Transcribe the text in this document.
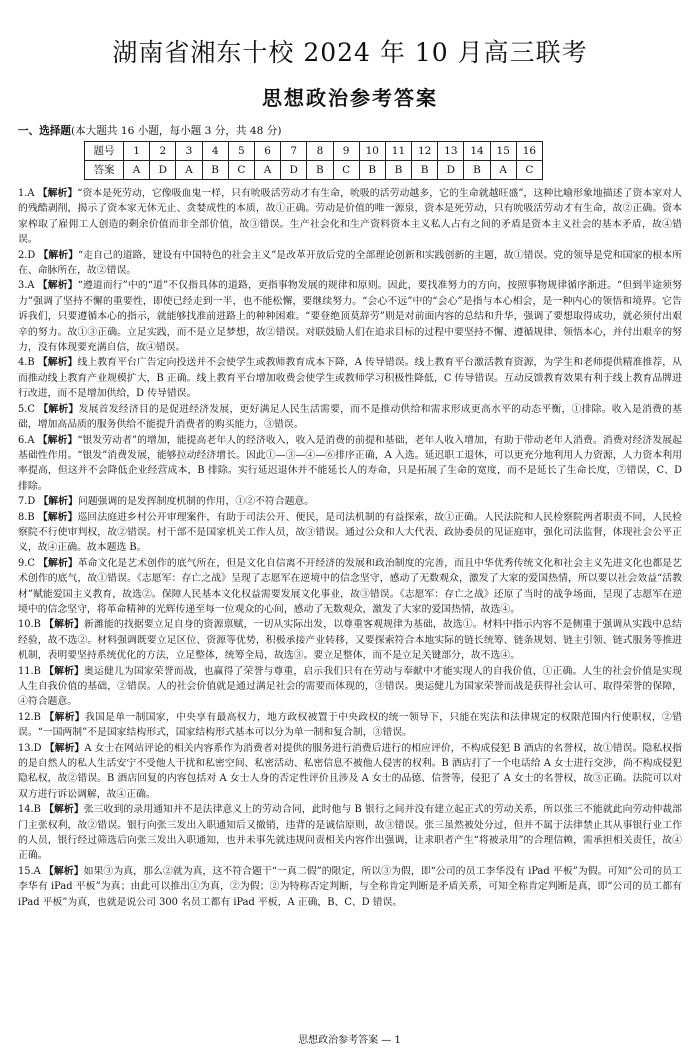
湖南省湘东十校 2024 年 10 月高三联考
思想政治参考答案
一、选择题(本大题共 16 小题，每小题 3 分，共 48 分)
题号	1	2	3	4	5	6	7	8	9	10	11	12	13	14	15	16
答案	A	D	A	B	C	A	D	B	C	B	B	B	D	B	A	C

1.A 【解析】“资本是死劳动，它像吸血鬼一样，只有吮吸活劳动才有生命，吮吸的活劳动越多，它的生命就越旺盛”，这种比喻形象地描述了资本家对人的残酷剥削，揭示了资本家无休无止、贪婪成性的本质，故①正确。劳动是价值的唯一源泉，资本是死劳动，只有吮吸活劳动才有生命，故②正确。资本家榨取了雇佣工人创造的剩余价值而非全部价值，故③错误。生产社会化和生产资料资本主义私人占有之间的矛盾是资本主义社会的基本矛盾，故④错误。

2.D 【解析】“走自己的道路，建设有中国特色的社会主义”是改革开放后党的全部理论创新和实践创新的主题，故①错误。党的领导是党和国家的根本所在、命脉所在，故②错误。

3.A 【解析】“遵道而行”中的“道”不仅指具体的道路，更指事物发展的规律和原则。因此，要找准努力的方向，按照事物规律循序渐进。“但到半途须努力”强调了坚持不懈的重要性，即使已经走到一半，也不能松懈，要继续努力。“会心不远”中的“会心”是指与本心相会，是一种内心的领悟和境界。它告诉我们，只要遵循本心的指示，就能够找准前进路上的种种困难。“要登绝顶莫辞劳”则是对前面内容的总结和升华，强调了要想取得成功，就必须付出艰辛的努力。故①③正确。立足实践，而不是立足梦想，故②错误。对联鼓励人们在追求目标的过程中要坚持不懈、遵循规律、领悟本心，并付出艰辛的努力，没有体现要充满自信，故④错误。

4.B 【解析】线上教育平台广告定向投送并不会使学生或教师教育成本下降，A 传导错误。线上教育平台激活教育资源，为学生和老师提供精准推荐，从而推动线上教育产业规模扩大，B 正确。线上教育平台增加收费会使学生或教师学习积极性降低，C 传导错误。互动反馈教育效果有利于线上教育品牌进行改进，而不是增加供给，D 传导错误。

5.C 【解析】发展首发经济目的是促进经济发展，更好满足人民生活需要，而不是推动供给和需求形成更高水平的动态平衡，①排除。收入是消费的基础，增加高品质的服务供给不能提升消费者的购买能力，③错误。

6.A 【解析】“银发劳动者”的增加，能提高老年人的经济收入，收入是消费的前提和基础，老年人收入增加，有助于带动老年人消费。消费对经济发展起基础性作用。“银发”消费发展，能够拉动经济增长。因此①—③—④—⑥排序正确，A 入选。延迟职工退休，可以更充分地利用人力资源，人力资本利用率提高，但这并不会降低企业经营成本，B 排除。实行延迟退休并不能延长人的寿命，只是拓展了生命的宽度，而不是延长了生命长度，⑦错误，C、D 排除。

7.D 【解析】问题强调的是发挥制度机制的作用，①②不符合题意。

8.B 【解析】巡回法庭进乡村公开审理案件，有助于司法公开、便民，是司法机制的有益探索，故①正确。人民法院和人民检察院两者职责不同，人民检察院不行使审判权，故②错误。村干部不是国家机关工作人员，故③错误。通过公众和人大代表、政协委员的见证庭审，强化司法监督，体现社会公平正义，故④正确。故本题选 B。

9.C 【解析】革命文化是艺术创作的底气所在，但是文化自信离不开经济的发展和政治制度的完善，而且中华优秀传统文化和社会主义先进文化也都是艺术创作的底气，故①错误。《志愿军：存亡之战》呈现了志愿军在逆境中的信念坚守，感动了无数观众，激发了大家的爱国热情，所以要以社会效益“活教材”赋能爱国主义教育，故选②。保障人民基本文化权益需要发展文化事业，故③错误。《志愿军：存亡之战》还原了当时的战争场面，呈现了志愿军在逆境中的信念坚守，将革命精神的光辉传递至每一位观众的心间，感动了无数观众，激发了大家的爱国热情，故选④。

10.B 【解析】新潍能的找据要立足自身的资源禀赋，一切从实际出发，以尊重客观规律为基础，故选①。材料中指示内容不是侧重于强调从实践中总结经验，故不选②。材料强调既要立足区位、资源等优势，积极承接产业转移，又要探索符合本地实际的链长统筹、链条规划、链主引领、链式服务等推进机制，表明要坚持系统优化的方法，立足整体，统筹全局，故选③。要立足整体，而不是立足关键部分，故不选④。

11.B 【解析】奥运健儿为国家荣誉而战，也赢得了荣誉与尊重，启示我们只有在劳动与奉献中才能实现人的自我价值，①正确。人生的社会价值是实现人生自我价值的基础，②错误。人的社会价值就是通过满足社会的需要而体现的，③错误。奥运健儿为国家荣誉而战是获得社会认可、取得荣誉的保障，④符合题意。

12.B 【解析】我国是单一制国家，中央享有最高权力，地方政权被置于中央政权的统一领导下，只能在宪法和法律规定的权限范围内行使职权，②错误。“一国两制”不是国家结构形式，国家结构形式基本可以分为单一制和复合制，③错误。

13.D 【解析】A 女士在网站评论的相关内容系作为消费者对提供的服务进行消费后进行的相应评价，不构成侵犯 B 酒店的名誉权，故①错误。隐私权指的是自然人的私人生活安宁不受他人干扰和私密空间、私密活动、私密信息不被他人侵害的权利。B 酒店打了一个电话给 A 女士进行交涉，尚不构成侵犯隐私权，故②错误。B 酒店回复的内容包括对 A 女士人身的否定性评价且涉及 A 女士的品德、信誉等，侵犯了 A 女士的名誉权，故③正确。法院可以对双方进行诉讼调解，故④正确。

14.B 【解析】张三收到的录用通知并不是法律意义上的劳动合同，此时他与 B 银行之间并没有建立起正式的劳动关系，所以张三不能就此向劳动仲裁部门主张权利，故②错误。银行向张三发出入职通知后又撤销，违背的是诚信原则，故③错误。张三虽然被处分过，但并不属于法律禁止其从事银行业工作的人员，银行经过筛选后向张三发出入职通知，也并未事先就违规问责相关内容作出强调，让求职者产生“将被录用”的合理信赖，需承担相关责任，故④正确。

15.A 【解析】如果③为真，那么②就为真，这不符合题干“一真二假”的限定，所以③为假，即“公司的员工李华没有 iPad 平板”为假。可知“公司的员工李华有 iPad 平板”为真；由此可以推出①为真，②为假；②为特称否定判断，与全称肯定判断是矛盾关系，可知全称肯定判断是真，即“公司的员工都有 iPad 平板”为真，也就是说公司 300 名员工都有 iPad 平板，A 正确，B、C、D 错误。

思想政治参考答案 — 1
